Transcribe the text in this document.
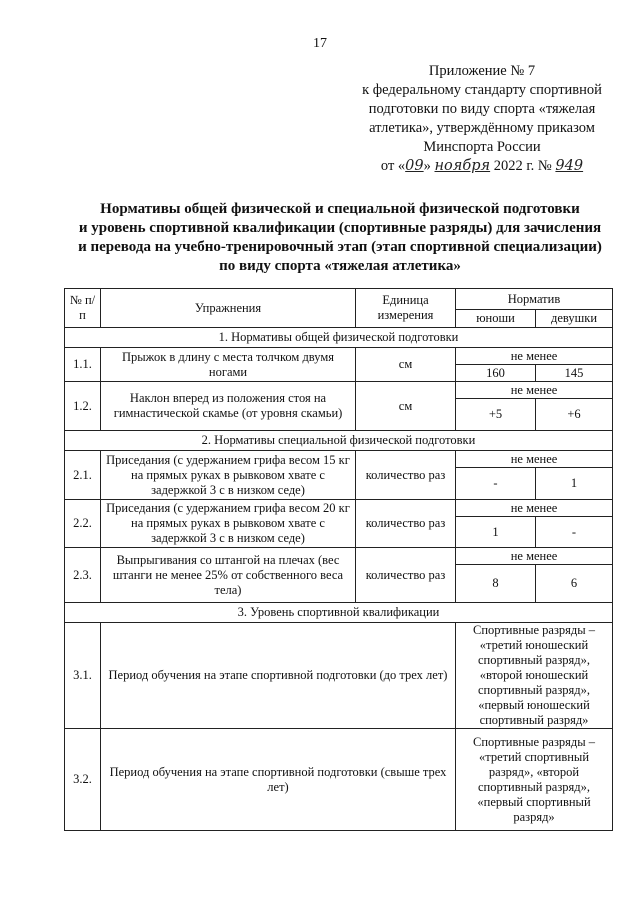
17
Приложение № 7
к федеральному стандарту спортивной
подготовки по виду спорта «тяжелая
атлетика», утверждённому приказом
Минспорта России
от «09» ноября 2022 г. № 949
Нормативы общей физической и специальной физической подготовки
и уровень спортивной квалификации (спортивные разряды) для зачисления
и перевода на учебно-тренировочный этап (этап спортивной специализации)
по виду спорта «тяжелая атлетика»
№ п/п	Упражнения	Единица измерения	Норматив	
			юноши	девушки
1. Нормативы общей физической подготовки				
1.1.	Прыжок в длину с места толчком двумя ногами	см	не менее	
			160	145
1.2.	Наклон вперед из положения стоя на гимнастической скамье (от уровня скамьи)	см	не менее	
			+5	+6
2. Нормативы специальной физической подготовки				
2.1.	Приседания (с удержанием грифа весом 15 кг на прямых руках в рывковом хвате с задержкой 3 с в низком седе)	количество раз	не менее	
			-	1
2.2.	Приседания (с удержанием грифа весом 20 кг на прямых руках в рывковом хвате с задержкой 3 с в низком седе)	количество раз	не менее	
			1	-
2.3.	Выпрыгивания со штангой на плечах (вес штанги не менее 25% от собственного веса тела)	количество раз	не менее	
			8	6
3. Уровень спортивной квалификации				
3.1.	Период обучения на этапе спортивной подготовки (до трех лет)		Спортивные разряды – «третий юношеский спортивный разряд», «второй юношеский спортивный разряд», «первый юношеский спортивный разряд»	
3.2.	Период обучения на этапе спортивной подготовки (свыше трех лет)		Спортивные разряды – «третий спортивный разряд», «второй спортивный разряд», «первый спортивный разряд»	
